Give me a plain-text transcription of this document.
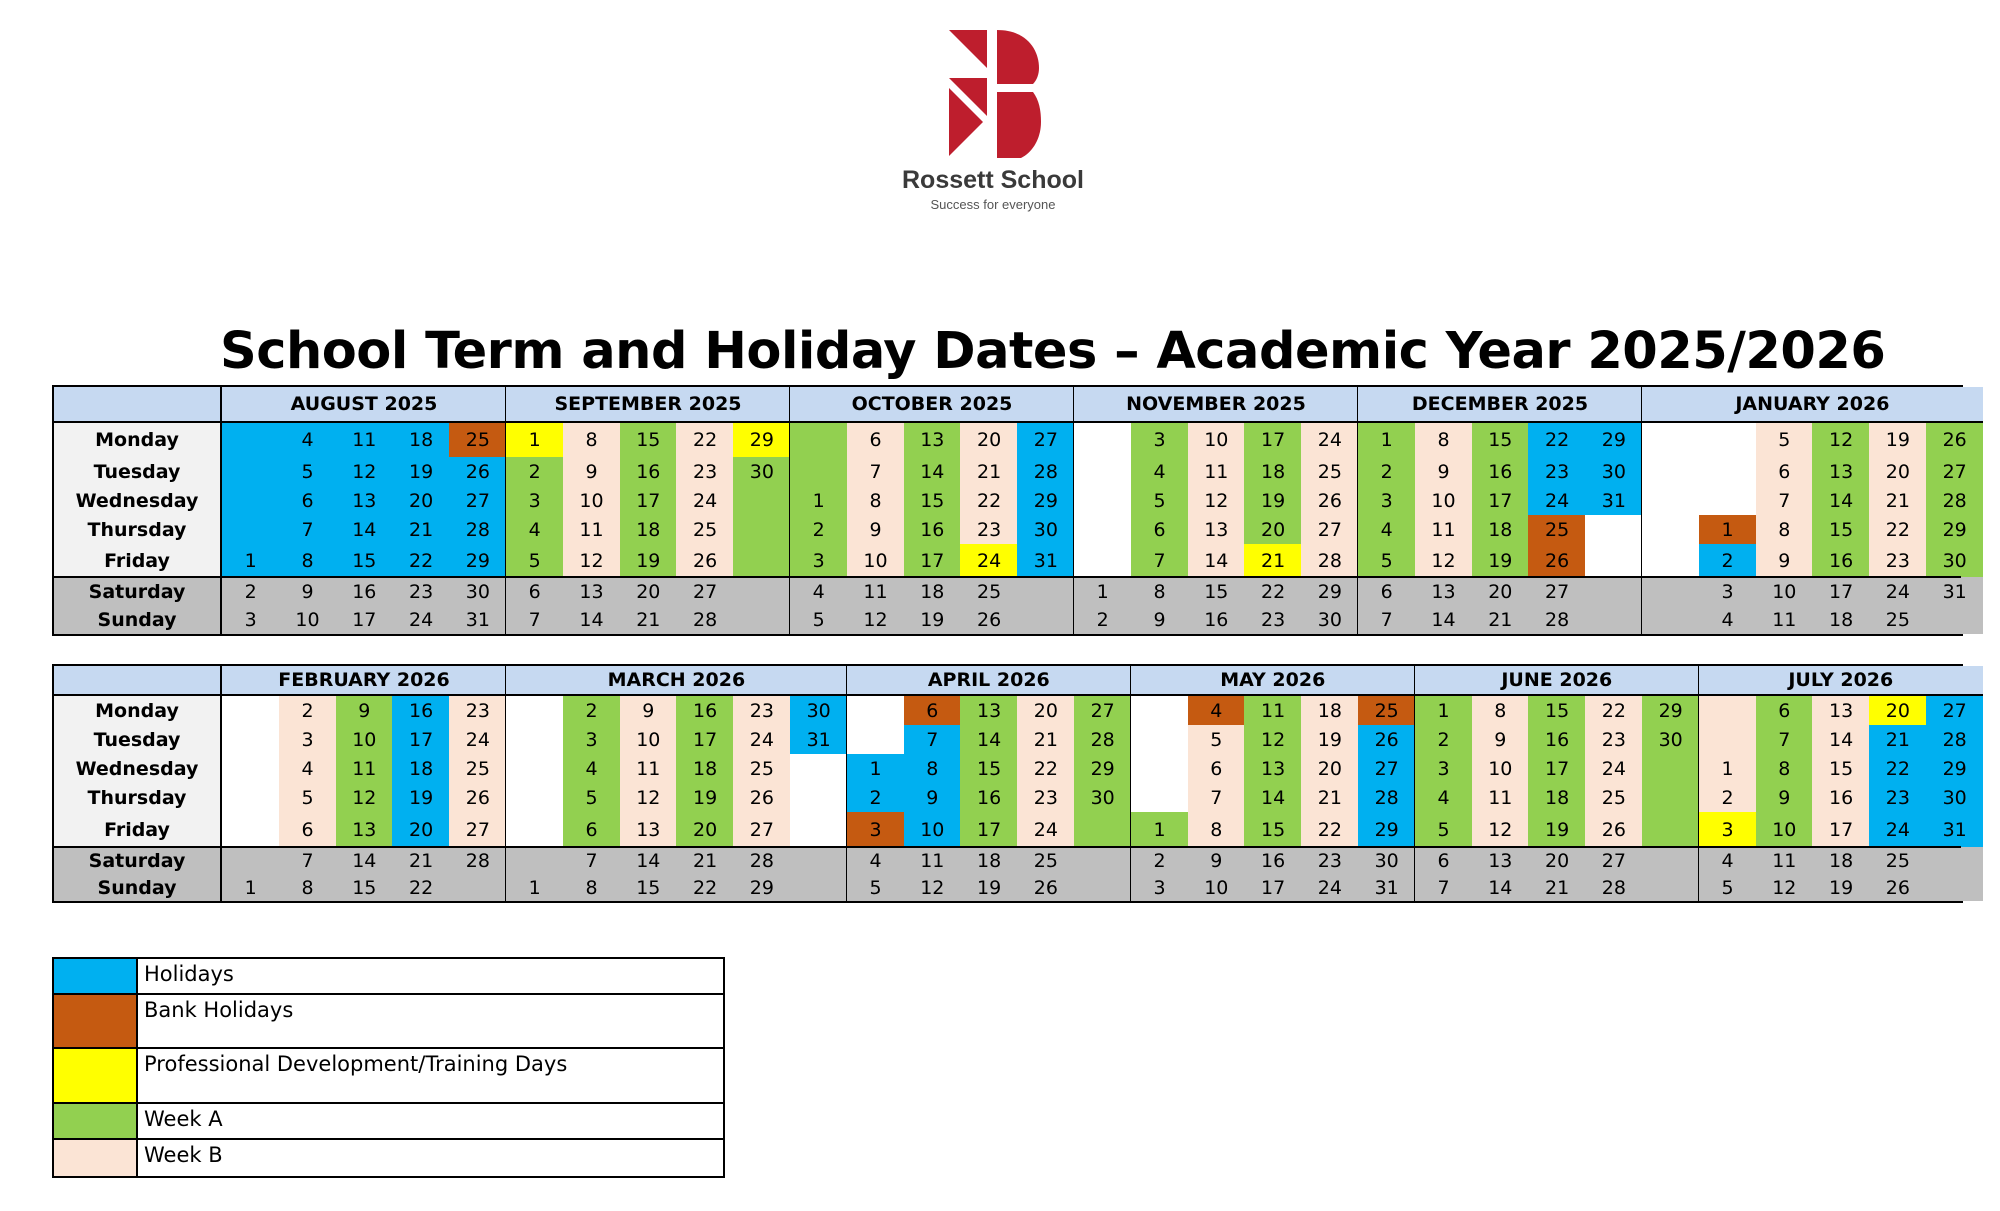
Rossett School
Success for everyone
School Term and Holiday Dates – Academic Year 2025/2026
Monday
Tuesday
Wednesday
Thursday
Friday
Saturday
Sunday
AUGUST 2025
1
2
3
4
5
6
7
8
9
10
11
12
13
14
15
16
17
18
19
20
21
22
23
24
25
26
27
28
29
30
31
SEPTEMBER 2025
1
2
3
4
5
6
7
8
9
10
11
12
13
14
15
16
17
18
19
20
21
22
23
24
25
26
27
28
29
30
OCTOBER 2025
1
2
3
4
5
6
7
8
9
10
11
12
13
14
15
16
17
18
19
20
21
22
23
24
25
26
27
28
29
30
31
NOVEMBER 2025
1
2
3
4
5
6
7
8
9
10
11
12
13
14
15
16
17
18
19
20
21
22
23
24
25
26
27
28
29
30
DECEMBER 2025
1
2
3
4
5
6
7
8
9
10
11
12
13
14
15
16
17
18
19
20
21
22
23
24
25
26
27
28
29
30
31
JANUARY 2026
1
2
3
4
5
6
7
8
9
10
11
12
13
14
15
16
17
18
19
20
21
22
23
24
25
26
27
28
29
30
31
Monday
Tuesday
Wednesday
Thursday
Friday
Saturday
Sunday
FEBRUARY 2026
1
2
3
4
5
6
7
8
9
10
11
12
13
14
15
16
17
18
19
20
21
22
23
24
25
26
27
28
MARCH 2026
1
2
3
4
5
6
7
8
9
10
11
12
13
14
15
16
17
18
19
20
21
22
23
24
25
26
27
28
29
30
31
APRIL 2026
1
2
3
4
5
6
7
8
9
10
11
12
13
14
15
16
17
18
19
20
21
22
23
24
25
26
27
28
29
30
MAY 2026
1
2
3
4
5
6
7
8
9
10
11
12
13
14
15
16
17
18
19
20
21
22
23
24
25
26
27
28
29
30
31
JUNE 2026
1
2
3
4
5
6
7
8
9
10
11
12
13
14
15
16
17
18
19
20
21
22
23
24
25
26
27
28
29
30
JULY 2026
1
2
3
4
5
6
7
8
9
10
11
12
13
14
15
16
17
18
19
20
21
22
23
24
25
26
27
28
29
30
31
Holidays
Bank Holidays
Professional Development/Training Days
Week A
Week B
